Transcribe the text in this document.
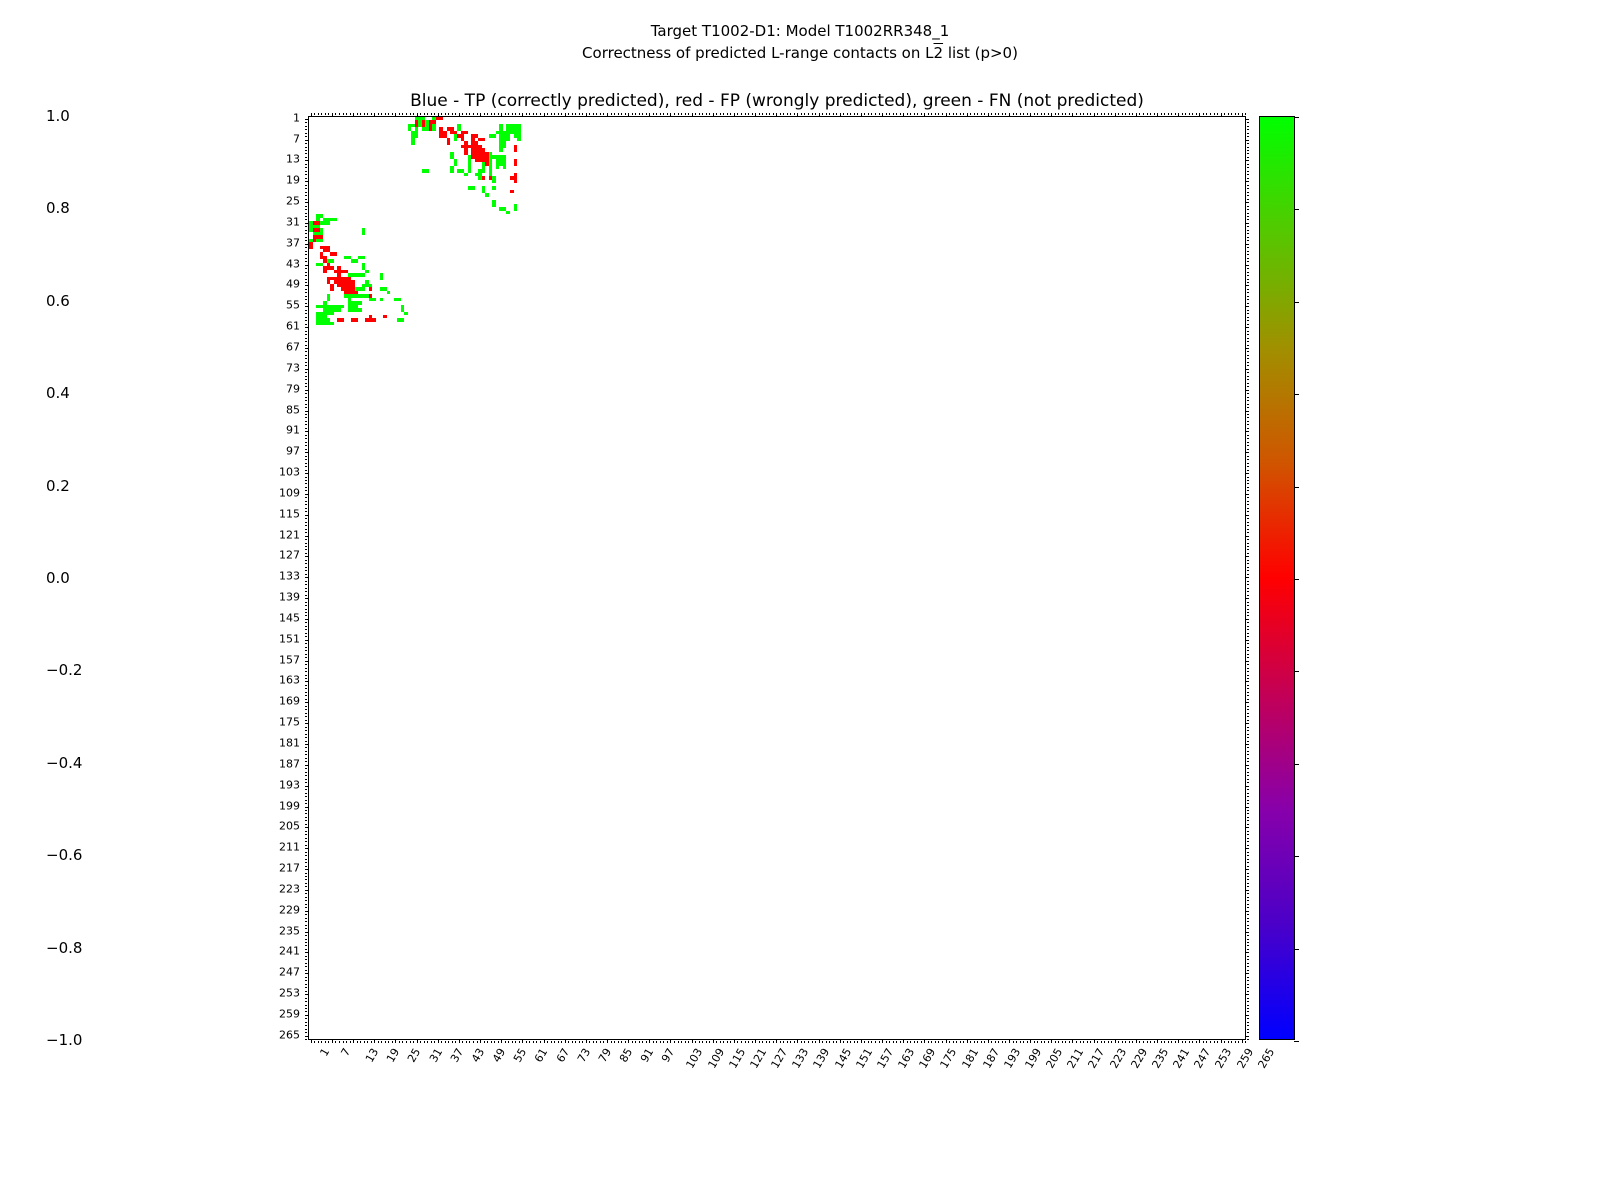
Target T1002-D1: Model T1002RR348_1
Correctness of predicted L-range contacts on L2 list (p>0)
Blue - TP (correctly predicted), red - FP (wrongly predicted), green - FN (not predicted)
1 7 13 19 25 31 37 43 49 55 61 67 73 79 85 91 97 103 109 115 121 127 133 139 145 151 157 163 169 175 181 187 193 199 205 211 217 223 229 235 241 247 253 259 265
1
7
13
19
25
31
37
43
49
55
61
67
73
79
85
91
97
103
109
115
121
127
133
139
145
151
157
163
169
175
181
187
193
199
205
211
217
223
229
235
241
247
253
259
265
−1.0
−0.8
−0.6
−0.4
−0.2
0.0
0.2
0.4
0.6
0.8
1.0
